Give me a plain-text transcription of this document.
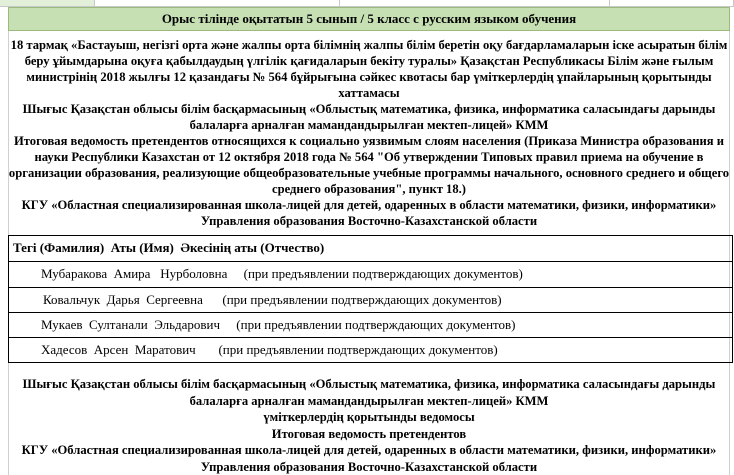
Орыс тілінде оқытатын 5 сынып / 5 класс с русским языком обучения

18 тармақ «Бастауыш, негізгі орта және жалпы орта білімнің жалпы білім беретін оқу бағдарламаларын іске асыратын білім

беру ұйымдарына оқуға қабылдаудың үлгілік қағидаларын бекіту туралы» Қазақстан Республикасы Білім және ғылым

министрінің 2018 жылғы 12 қазандағы № 564 бұйрығына сәйкес квотасы бар үміткерлердің ұпайларының қорытынды

хаттамасы

Шығыс Қазақстан облысы білім басқармасының «Облыстық математика, физика, информатика саласындағы дарынды

балаларға арналған мамандандырылған мектеп-лицей» КММ

Итоговая ведомость претендентов относящихся к социально уязвимым слоям населения (Приказа Министра образования и

науки Республики Казахстан от 12 октября 2018 года № 564 "Об утверждении Типовых правил приема на обучение в

организации образования, реализующие общеобразовательные учебные программы начального, основного среднего и общего

среднего образования", пункт 18.)

КГУ «Областная специализированная школа-лицей для детей, одаренных в области математики, физики, информатики»

Управления образования Восточно-Казахстанской области

Тегі (Фамилия)  Аты (Имя)  Әкесінің аты (Отчество)

Мубаракова  Амира   Нурболовна     (при предъявлении подтверждающих документов)

Ковальчук  Дарья  Сергеевна      (при предъявлении подтверждающих документов)

Мукаев  Султанали  Эльдарович     (при предъявлении подтверждающих документов)

Хадесов  Арсен  Маратович       (при предъявлении подтверждающих документов)

Шығыс Қазақстан облысы білім басқармасының «Облыстық математика, физика, информатика саласындағы дарынды

балаларға арналған мамандандырылған мектеп-лицей» КММ

үміткерлердің қорытынды ведомосы

Итоговая ведомость претендентов

КГУ «Областная специализированная школа-лицей для детей, одаренных в области математики, физики, информатики»

Управления образования Восточно-Казахстанской области
